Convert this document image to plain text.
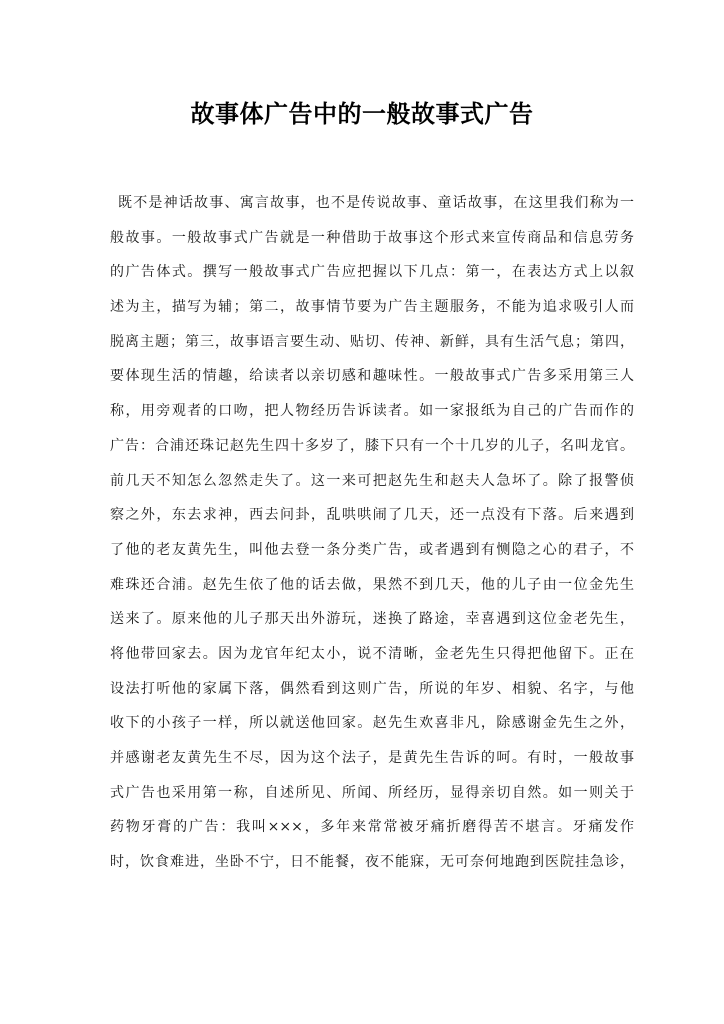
故事体广告中的一般故事式广告
既不是神话故事、寓言故事，也不是传说故事、童话故事，在这里我们称为一
般故事。一般故事式广告就是一种借助于故事这个形式来宣传商品和信息劳务
的广告体式。撰写一般故事式广告应把握以下几点：第一，在表达方式上以叙
述为主，描写为辅；第二，故事情节要为广告主题服务，不能为追求吸引人而
脱离主题；第三，故事语言要生动、贴切、传神、新鲜，具有生活气息；第四，
要体现生活的情趣，给读者以亲切感和趣味性。一般故事式广告多采用第三人
称，用旁观者的口吻，把人物经历告诉读者。如一家报纸为自己的广告而作的
广告：合浦还珠记赵先生四十多岁了，膝下只有一个十几岁的儿子，名叫龙官。
前几天不知怎么忽然走失了。这一来可把赵先生和赵夫人急坏了。除了报警侦
察之外，东去求神，西去问卦，乱哄哄闹了几天，还一点没有下落。后来遇到
了他的老友黄先生，叫他去登一条分类广告，或者遇到有恻隐之心的君子，不
难珠还合浦。赵先生依了他的话去做，果然不到几天，他的儿子由一位金先生
送来了。原来他的儿子那天出外游玩，迷换了路途，幸喜遇到这位金老先生，
将他带回家去。因为龙官年纪太小，说不清晰，金老先生只得把他留下。正在
设法打听他的家属下落，偶然看到这则广告，所说的年岁、相貌、名字，与他
收下的小孩子一样，所以就送他回家。赵先生欢喜非凡，除感谢金先生之外，
并感谢老友黄先生不尽，因为这个法子，是黄先生告诉的呵。有时，一般故事
式广告也采用第一称，自述所见、所闻、所经历，显得亲切自然。如一则关于
药物牙膏的广告：我叫×××，多年来常常被牙痛折磨得苦不堪言。牙痛发作
时，饮食难进，坐卧不宁，日不能餐，夜不能寐，无可奈何地跑到医院挂急诊，
